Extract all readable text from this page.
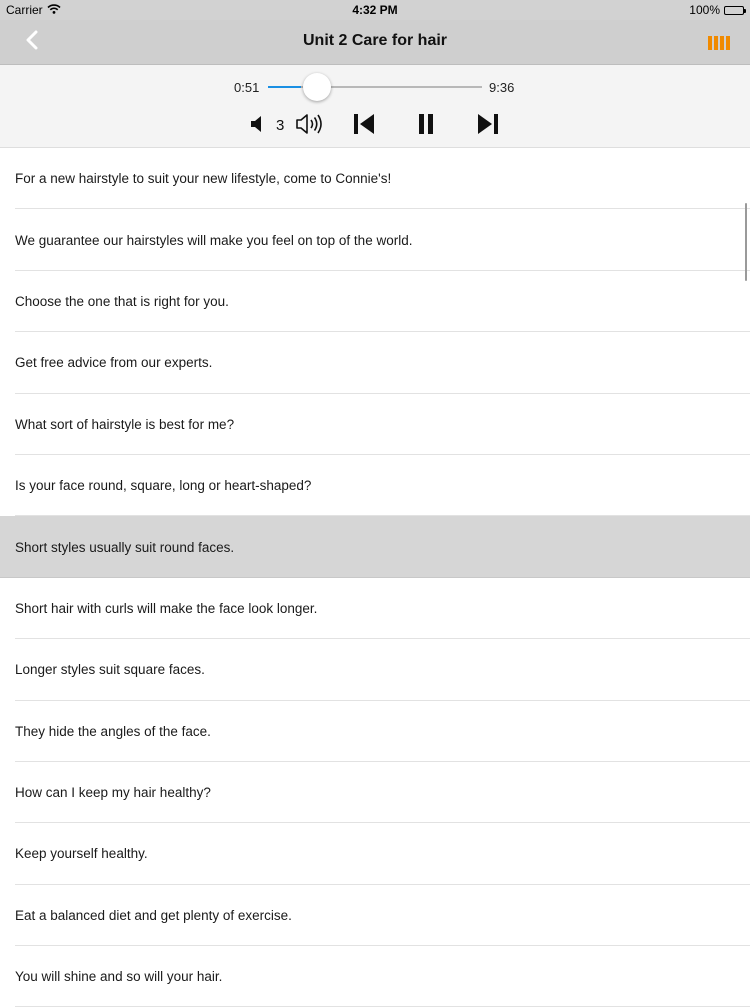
Carrier	4:32 PM	100%
Unit 2 Care for hair
0:51	9:36
3
For a new hairstyle to suit your new lifestyle, come to Connie's!
We guarantee our hairstyles will make you feel on top of the world.
Choose the one that is right for you.
Get free advice from our experts.
What sort of hairstyle is best for me?
Is your face round, square, long or heart-shaped?
Short styles usually suit round faces.
Short hair with curls will make the face look longer.
Longer styles suit square faces.
They hide the angles of the face.
How can I keep my hair healthy?
Keep yourself healthy.
Eat a balanced diet and get plenty of exercise.
You will shine and so will your hair.
